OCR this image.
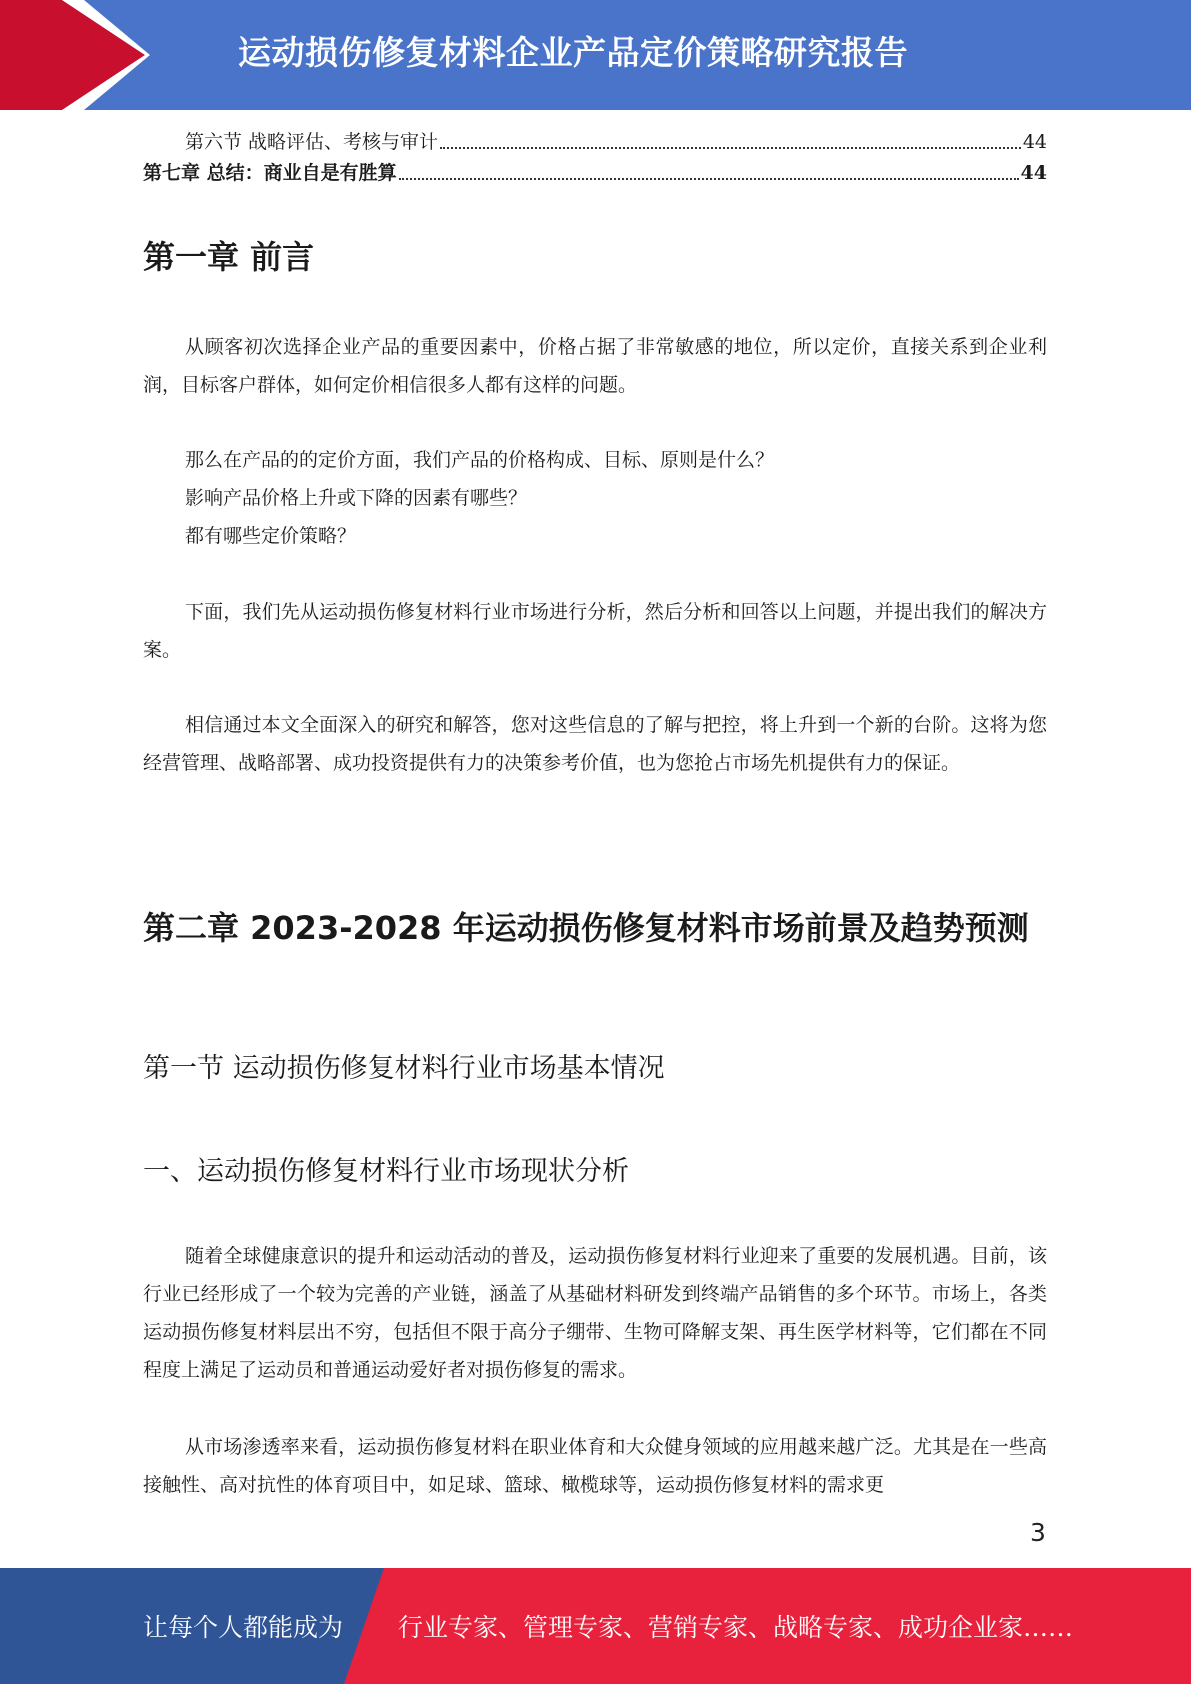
运动损伤修复材料企业产品定价策略研究报告
第六节 战略评估、考核与审计	44
第七章 总结：商业自是有胜算	44
第一章 前言

从顾客初次选择企业产品的重要因素中，价格占据了非常敏感的地位，所以定价，直接关系到企业利润，目标客户群体，如何定价相信很多人都有这样的问题。

那么在产品的的定价方面，我们产品的价格构成、目标、原则是什么？

影响产品价格上升或下降的因素有哪些？

都有哪些定价策略？

下面，我们先从运动损伤修复材料行业市场进行分析，然后分析和回答以上问题，并提出我们的解决方案。

相信通过本文全面深入的研究和解答，您对这些信息的了解与把控，将上升到一个新的台阶。这将为您经营管理、战略部署、成功投资提供有力的决策参考价值，也为您抢占市场先机提供有力的保证。

第二章 2023-2028 年运动损伤修复材料市场前景及趋势预测
第一节 运动损伤修复材料行业市场基本情况
一、运动损伤修复材料行业市场现状分析

随着全球健康意识的提升和运动活动的普及，运动损伤修复材料行业迎来了重要的发展机遇。目前，该行业已经形成了一个较为完善的产业链，涵盖了从基础材料研发到终端产品销售的多个环节。市场上，各类运动损伤修复材料层出不穷，包括但不限于高分子绷带、生物可降解支架、再生医学材料等，它们都在不同程度上满足了运动员和普通运动爱好者对损伤修复的需求。

从市场渗透率来看，运动损伤修复材料在职业体育和大众健身领域的应用越来越广泛。尤其是在一些高接触性、高对抗性的体育项目中，如足球、篮球、橄榄球等，运动损伤修复材料的需求更

3
让每个人都能成为 行业专家、管理专家、营销专家、战略专家、成功企业家……
